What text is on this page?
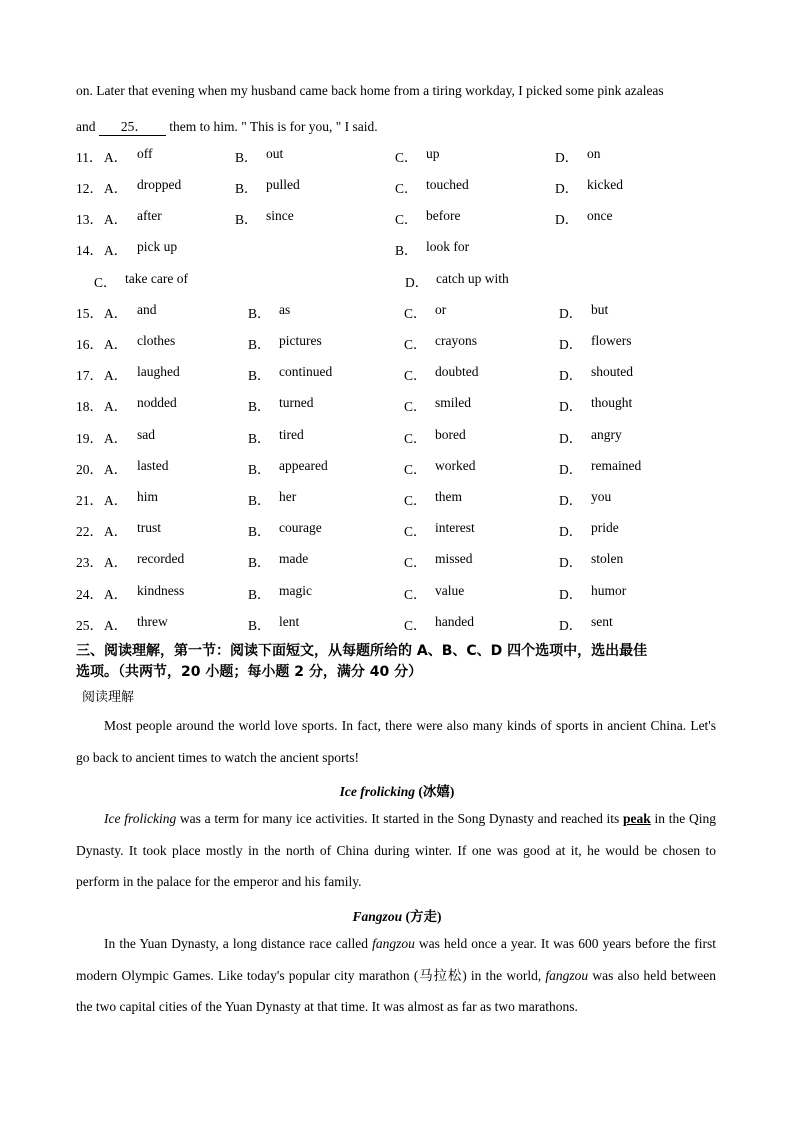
on. Later that evening when my husband came back home from a tiring workday, I picked some pink azaleas
and 25． them to him. " This is for you, " I said.
11． A． off	B． out	C． up	D． on
12． A． dropped	B． pulled	C． touched	D． kicked
13． A． after	B． since	C． before	D． once
14． A． pick up	B． look for
C． take care of	D． catch up with
15． A． and	B． as	C． or	D． but
16． A． clothes	B． pictures	C． crayons	D． flowers
17． A． laughed	B． continued	C． doubted	D． shouted
18． A． nodded	B． turned	C． smiled	D． thought
19． A． sad	B． tired	C． bored	D． angry
20． A． lasted	B． appeared	C． worked	D． remained
21． A． him	B． her	C． them	D． you
22． A． trust	B． courage	C． interest	D． pride
23． A． recorded	B． made	C． missed	D． stolen
24． A． kindness	B． magic	C． value	D． humor
25． A． threw	B． lent	C． handed	D． sent
三、阅读理解，第一节：阅读下面短文，从每题所给的 A、B、C、D 四个选项中，选出最佳
选项。（共两节，20 小题；每小题 2 分，满分 40 分）
阅读理解
Most people around the world love sports. In fact, there were also many kinds of sports in ancient China. Let's go back to ancient times to watch the ancient sports!
Ice frolicking (冰嬉)
Ice frolicking was a term for many ice activities. It started in the Song Dynasty and reached its peak in the Qing Dynasty. It took place mostly in the north of China during winter. If one was good at it, he would be chosen to perform in the palace for the emperor and his family.
Fangzou (方走)
In the Yuan Dynasty, a long distance race called fangzou was held once a year. It was 600 years before the first modern Olympic Games. Like today's popular city marathon (马拉松) in the world, fangzou was also held between the two capital cities of the Yuan Dynasty at that time. It was almost as far as two marathons.
